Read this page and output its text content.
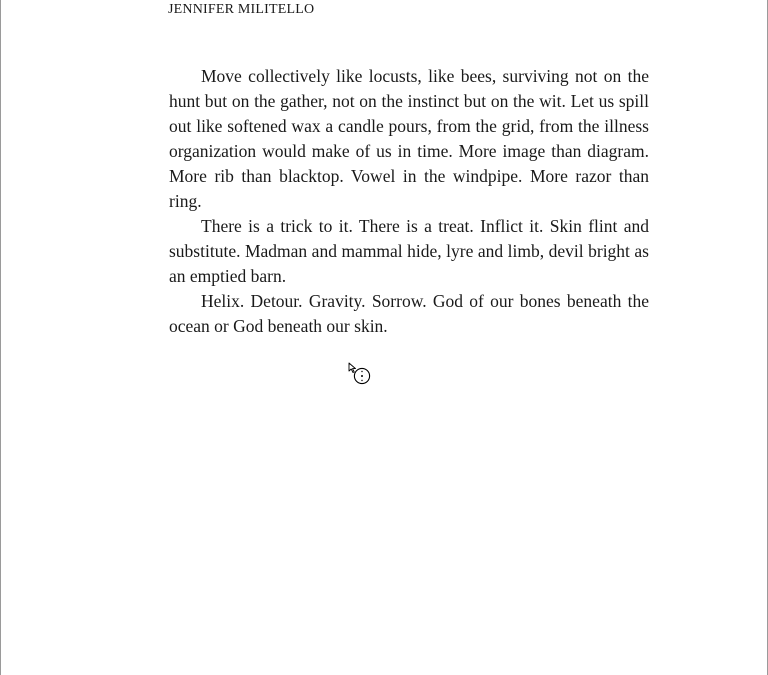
JENNIFER MILITELLO

Move collectively like locusts, like bees, surviving not on the hunt but on the gather, not on the instinct but on the wit. Let us spill out like softened wax a candle pours, from the grid, from the illness organization would make of us in time. More image than diagram. More rib than blacktop. Vowel in the windpipe. More razor than ring.

There is a trick to it. There is a treat. Inflict it. Skin flint and substitute. Madman and mammal hide, lyre and limb, devil bright as an emptied barn.

Helix. Detour. Gravity. Sorrow. God of our bones beneath the ocean or God beneath our skin.
